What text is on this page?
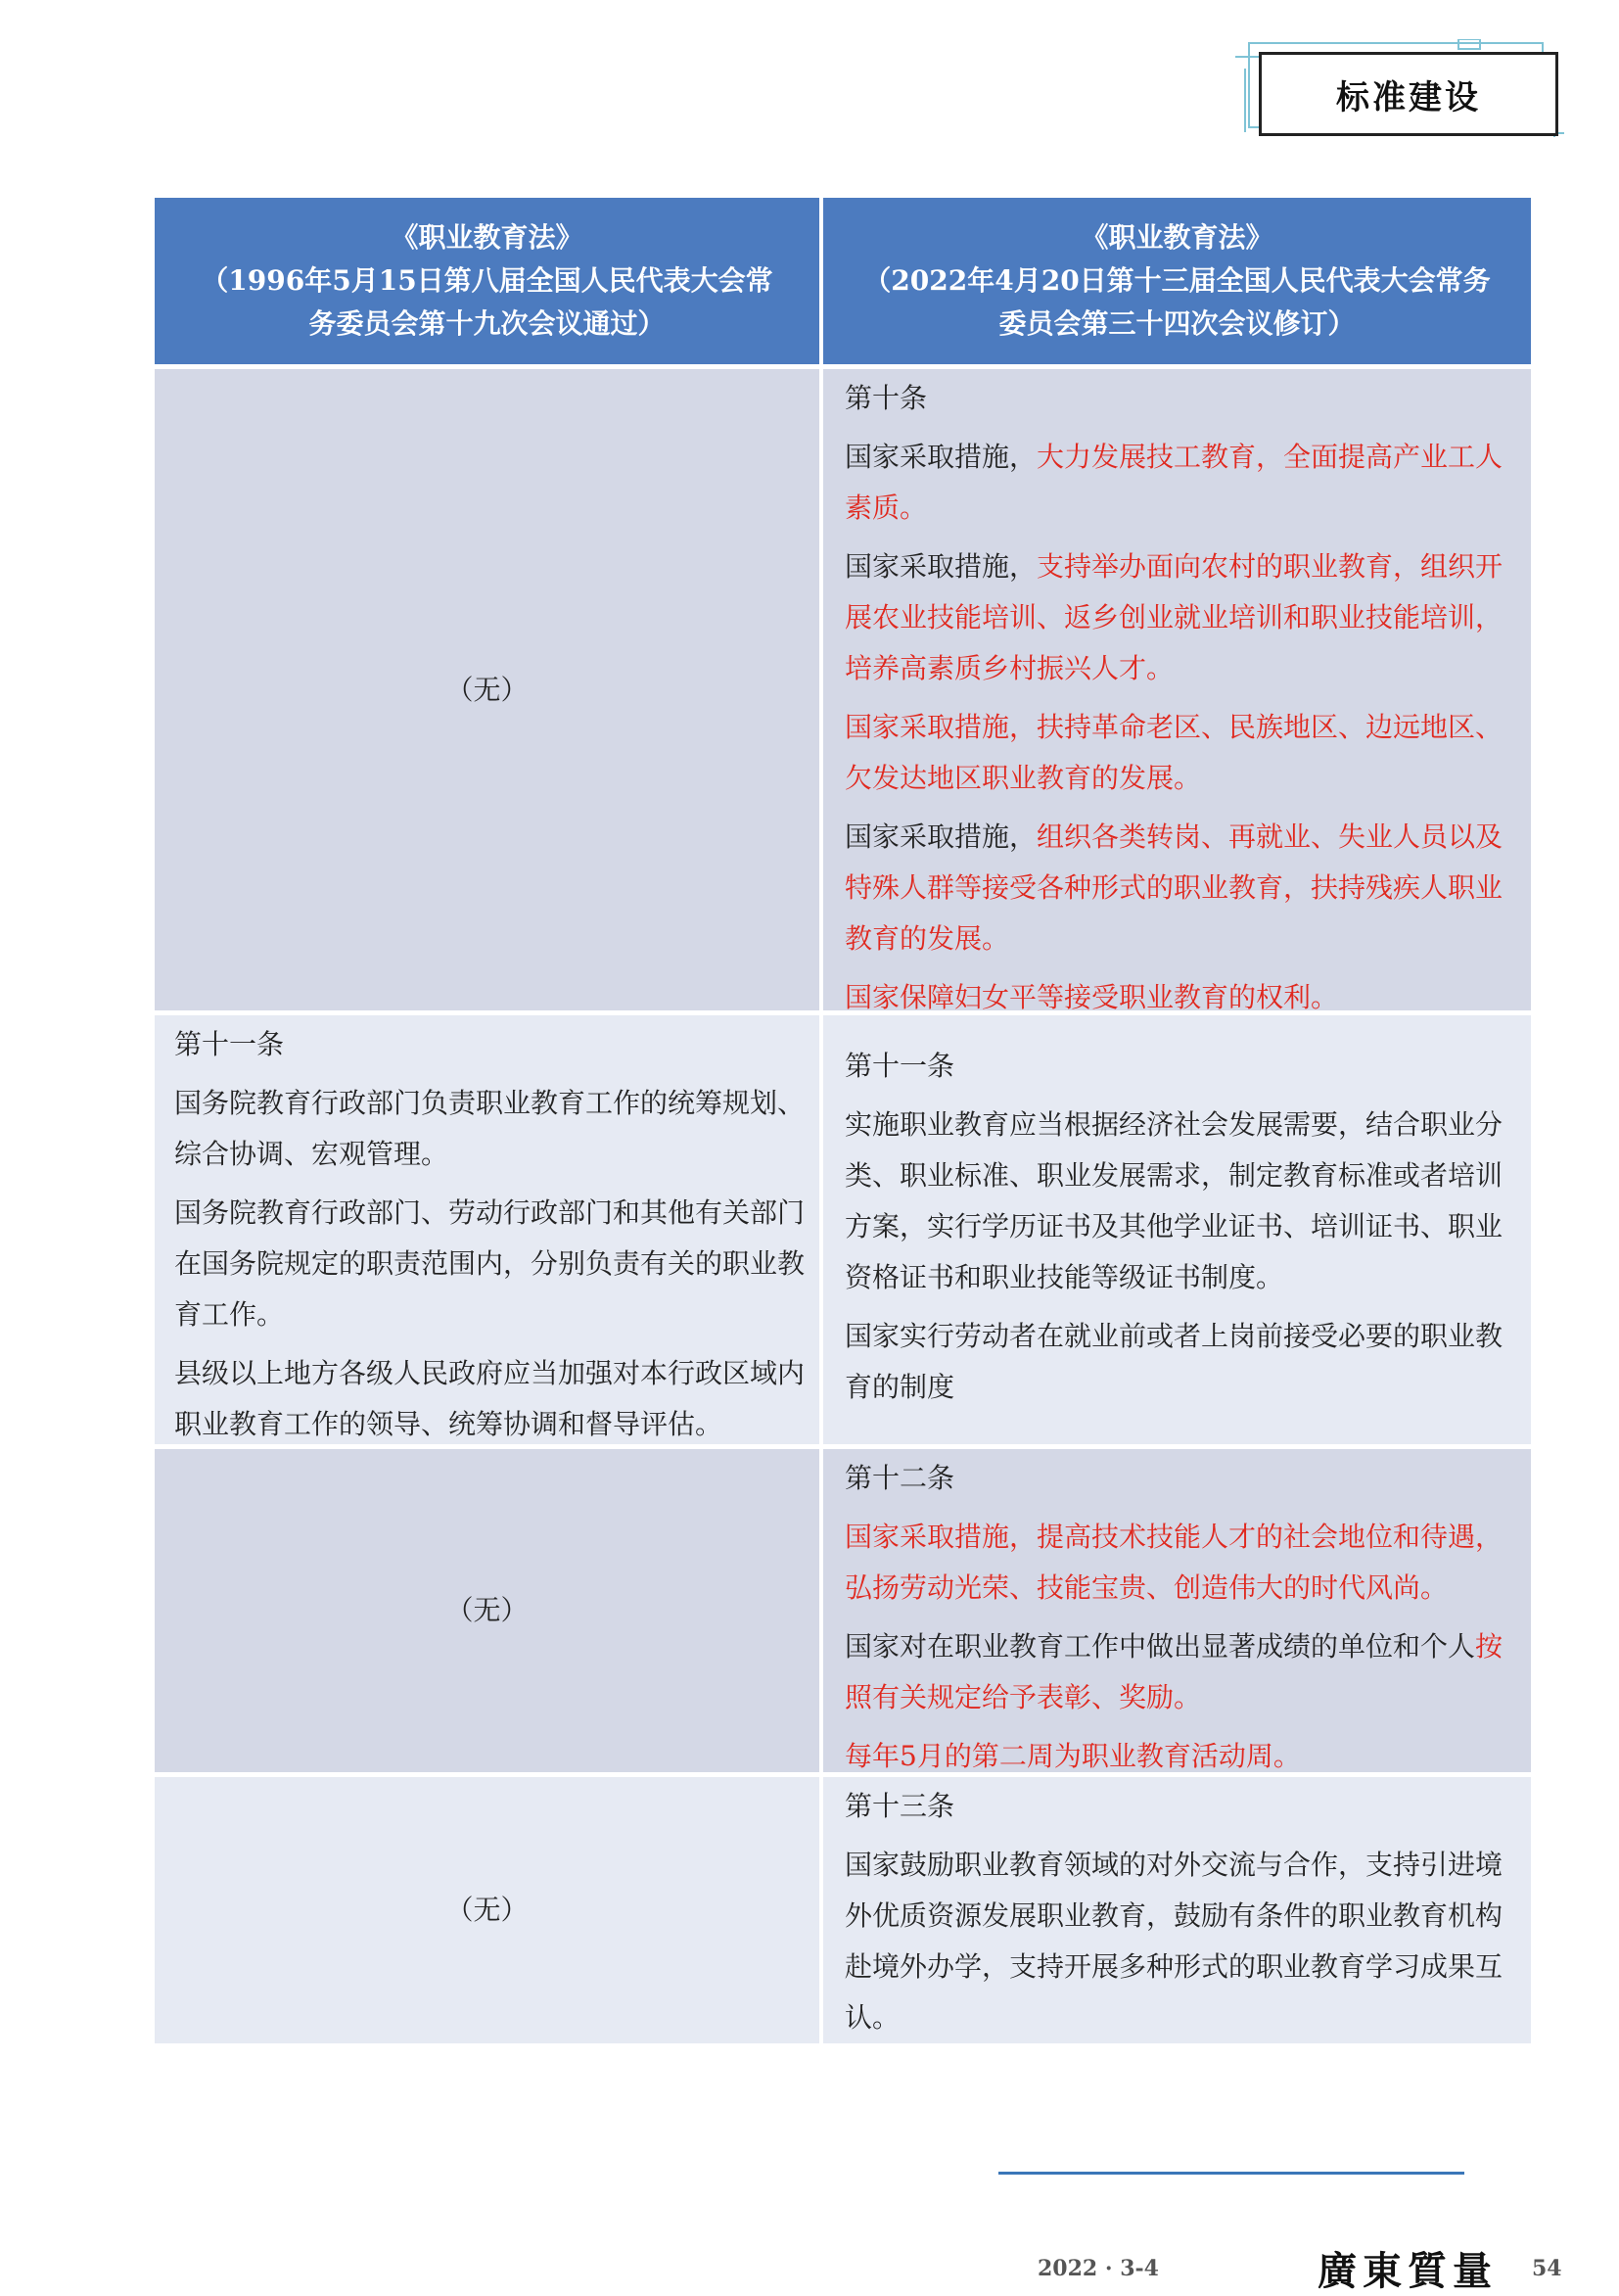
标准建设
《职业教育法》
（1996年5月15日第八届全国人民代表大会常
务委员会第十九次会议通过）
《职业教育法》
（2022年4月20日第十三届全国人民代表大会常务
委员会第三十四次会议修订）
（无）
第十条
国家采取措施，大力发展技工教育，全面提高产业工人素质。
国家采取措施，支持举办面向农村的职业教育，组织开展农业技能培训、返乡创业就业培训和职业技能培训，培养高素质乡村振兴人才。
国家采取措施，扶持革命老区、民族地区、边远地区、欠发达地区职业教育的发展。
国家采取措施，组织各类转岗、再就业、失业人员以及特殊人群等接受各种形式的职业教育，扶持残疾人职业教育的发展。
国家保障妇女平等接受职业教育的权利。
第十一条
国务院教育行政部门负责职业教育工作的统筹规划、综合协调、宏观管理。
国务院教育行政部门、劳动行政部门和其他有关部门在国务院规定的职责范围内，分别负责有关的职业教育工作。
县级以上地方各级人民政府应当加强对本行政区域内职业教育工作的领导、统筹协调和督导评估。
第十一条
实施职业教育应当根据经济社会发展需要，结合职业分类、职业标准、职业发展需求，制定教育标准或者培训方案，实行学历证书及其他学业证书、培训证书、职业资格证书和职业技能等级证书制度。
国家实行劳动者在就业前或者上岗前接受必要的职业教育的制度
（无）
第十二条
国家采取措施，提高技术技能人才的社会地位和待遇，弘扬劳动光荣、技能宝贵、创造伟大的时代风尚。
国家对在职业教育工作中做出显著成绩的单位和个人按照有关规定给予表彰、奖励。
每年5月的第二周为职业教育活动周。
（无）
第十三条
国家鼓励职业教育领域的对外交流与合作，支持引进境外优质资源发展职业教育，鼓励有条件的职业教育机构赴境外办学，支持开展多种形式的职业教育学习成果互认。
2022 · 3-4	廣東質量 54
